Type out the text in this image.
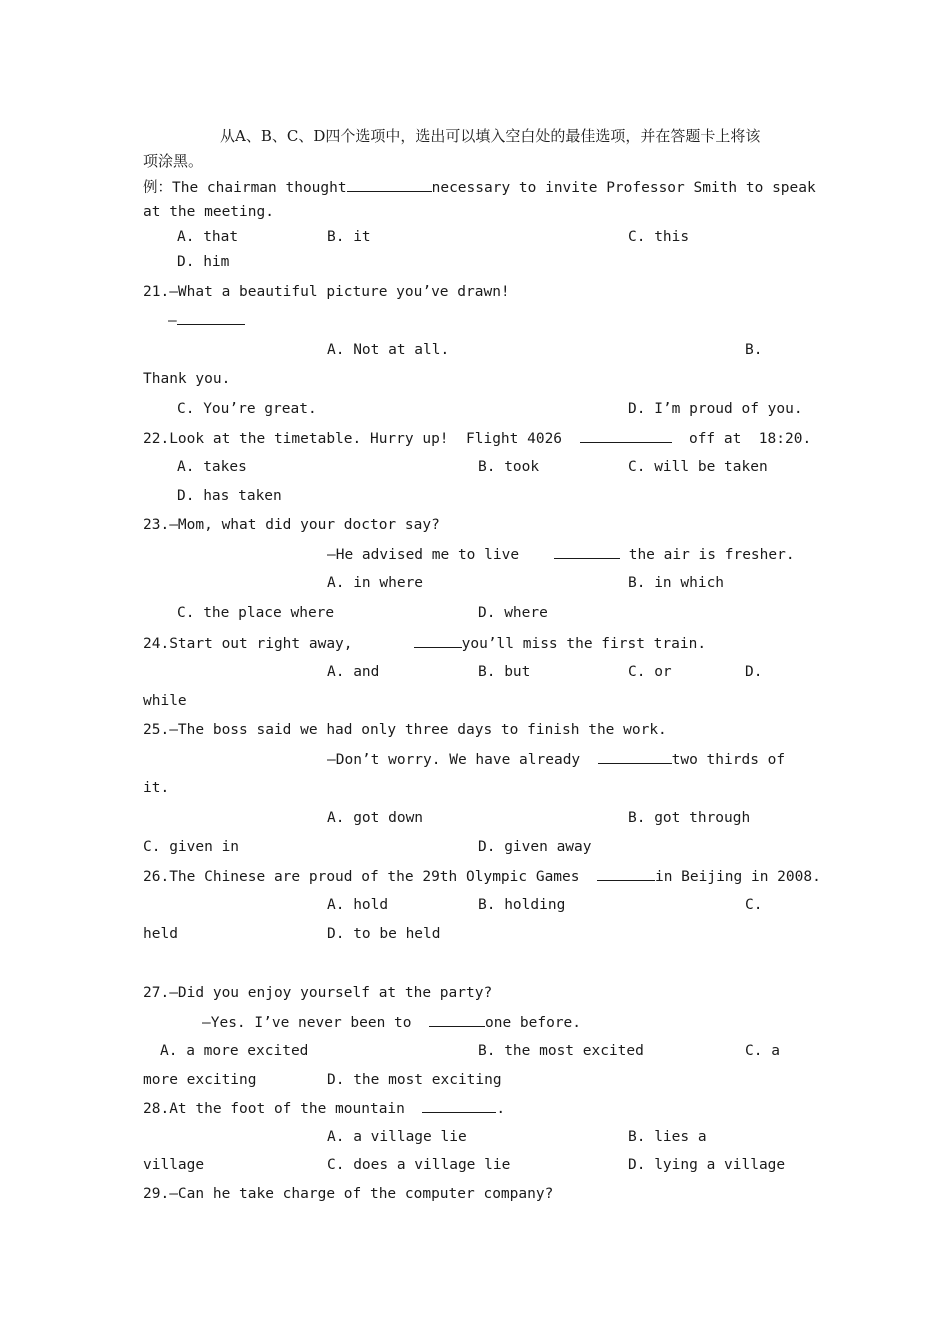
从A、B、C、D四个选项中，选出可以填入空白处的最佳选项，并在答题卡上将该
项涂黑。
例：The chairman thought	necessary to invite Professor Smith to speak
at the meeting.
A. that	B. it	C. this
D. him
21.—What a beautiful picture you’ve drawn!
—
A. Not at all.	B.
Thank you.
C. You’re great.	D. I’m proud of you.
22.Look at the timetable. Hurry up!  Flight 4026	off at  18:20.
A. takes	B. took	C. will be taken
D. has taken
23.—Mom, what did your doctor say?
—He advised me to live	the air is fresher.
A. in where	B. in which
C. the place where	D. where
24.Start out right away,	you’ll miss the first train.
A. and	B. but	C. or	D.
while
25.—The boss said we had only three days to finish the work.
—Don’t worry. We have already	two thirds of
it.
A. got down	B. got through
C. given in	D. given away
26.The Chinese are proud of the 29th Olympic Games	in Beijing in 2008.
A. hold	B. holding	C.
held	D. to be held
27.—Did you enjoy yourself at the party?
—Yes. I’ve never been to	one before.
A. a more excited	B. the most excited	C. a
more exciting	D. the most exciting
28.At the foot of the mountain	.
A. a village lie	B. lies a
village	C. does a village lie	D. lying a village
29.—Can he take charge of the computer company?
